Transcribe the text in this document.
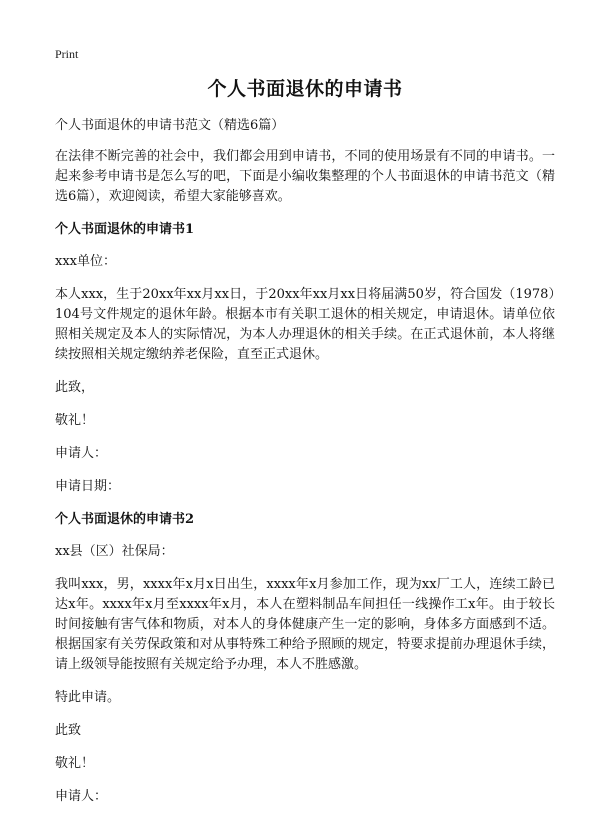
Print
个人书面退休的申请书

个人书面退休的申请书范文（精选6篇）

在法律不断完善的社会中，我们都会用到申请书，不同的使用场景有不同的申请书。一起来参考申请书是怎么写的吧，下面是小编收集整理的个人书面退休的申请书范文（精选6篇），欢迎阅读，希望大家能够喜欢。

个人书面退休的申请书1

xxx单位：

本人xxx，生于20xx年xx月xx日，于20xx年xx月xx日将届满50岁，符合国发（1978）104号文件规定的退休年龄。根据本市有关职工退休的相关规定，申请退休。请单位依照相关规定及本人的实际情况，为本人办理退休的相关手续。在正式退休前，本人将继续按照相关规定缴纳养老保险，直至正式退休。

此致，

敬礼！

申请人：

申请日期：

个人书面退休的申请书2

xx县（区）社保局：

我叫xxx，男，xxxx年x月x日出生，xxxx年x月参加工作，现为xx厂工人，连续工龄已达x年。xxxx年x月至xxxx年x月，本人在塑料制品车间担任一线操作工x年。由于较长时间接触有害气体和物质，对本人的身体健康产生一定的影响，身体多方面感到不适。根据国家有关劳保政策和对从事特殊工种给予照顾的规定，特要求提前办理退休手续，请上级领导能按照有关规定给予办理，本人不胜感激。

特此申请。

此致

敬礼！

申请人：
